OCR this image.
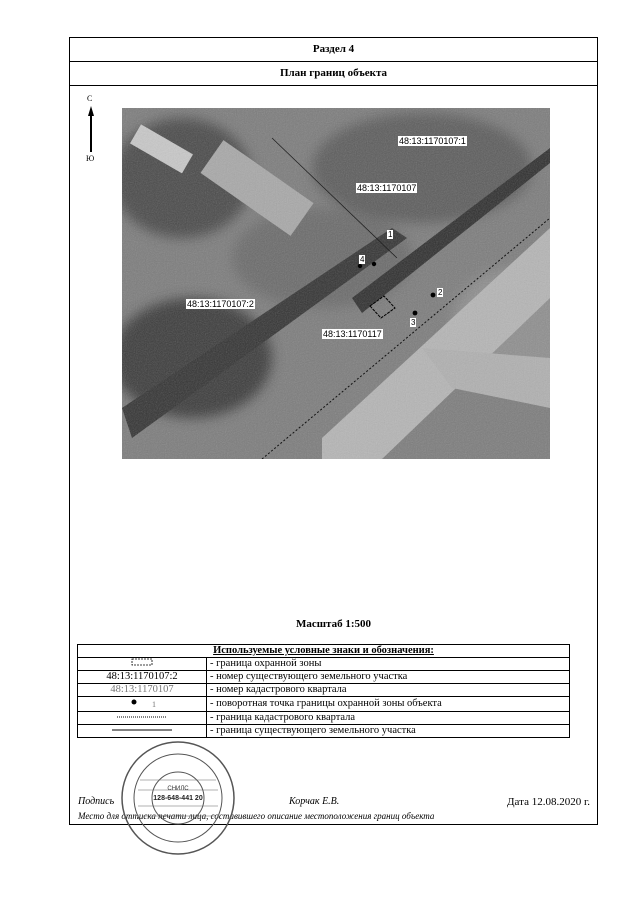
Раздел 4
План границ объекта
С
Ю
48:13:1170107:1
48:13:1170107
48:13:1170107:2
48:13:1170117
1
2
3
4
Масштаб 1:500
Используемые условные знаки и обозначения:	
	- граница охранной зоны
48:13:1170107:2	- номер существующего земельного участка
48:13:1170107	- номер кадастрового квартала
1	- поворотная точка границы охранной зоны объекта
	- граница кадастрового квартала
	- граница существующего земельного участка
Подпись	Корчак Е.В.	Дата 12.08.2020 г.
Место для оттиска печати лица, составившего описание местоположения границ объекта
СНИЛС
128-648-441 20
